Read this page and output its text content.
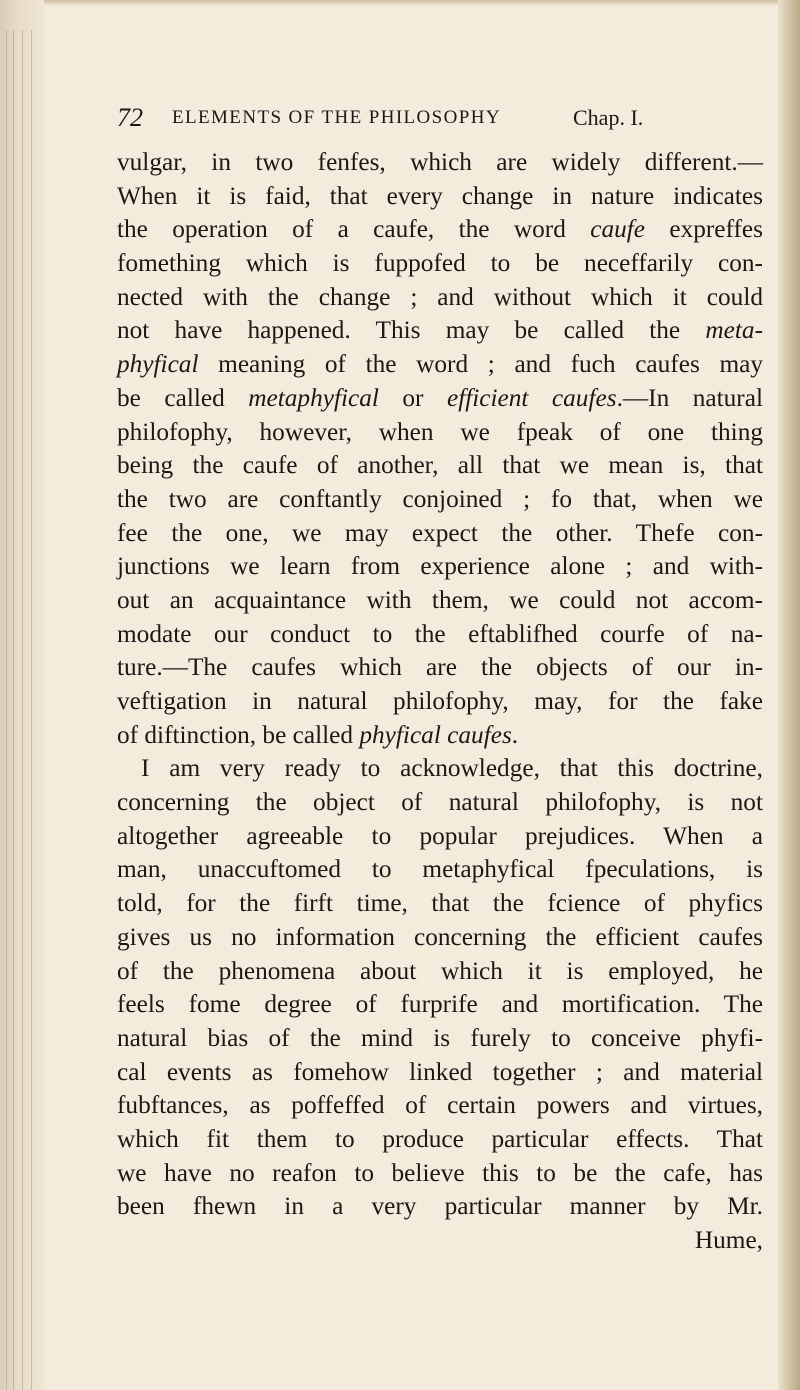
72 ELEMENTS OF THE PHILOSOPHY	Chap. I.
vulgar, in two fenfes, which are widely different.—
When it is faid, that every change in nature indicates
the operation of a caufe, the word caufe expreffes
fomething which is fuppofed to be neceffarily con-
nected with the change ; and without which it could
not have happened. This may be called the meta-
phyfical meaning of the word ; and fuch caufes may
be called metaphyfical or efficient caufes.—In natural
philofophy, however, when we fpeak of one thing
being the caufe of another, all that we mean is, that
the two are conftantly conjoined ; fo that, when we
fee the one, we may expect the other. Thefe con-
junctions we learn from experience alone ; and with-
out an acquaintance with them, we could not accom-
modate our conduct to the eftablifhed courfe of na-
ture.—The caufes which are the objects of our in-
veftigation in natural philofophy, may, for the fake
of diftinction, be called phyfical caufes.
I am very ready to acknowledge, that this doctrine,
concerning the object of natural philofophy, is not
altogether agreeable to popular prejudices. When a
man, unaccuftomed to metaphyfical fpeculations, is
told, for the firft time, that the fcience of phyfics
gives us no information concerning the efficient caufes
of the phenomena about which it is employed, he
feels fome degree of furprife and mortification. The
natural bias of the mind is furely to conceive phyfi-
cal events as fomehow linked together ; and material
fubftances, as poffeffed of certain powers and virtues,
which fit them to produce particular effects. That
we have no reafon to believe this to be the cafe, has
been fhewn in a very particular manner by Mr.
Hume,
